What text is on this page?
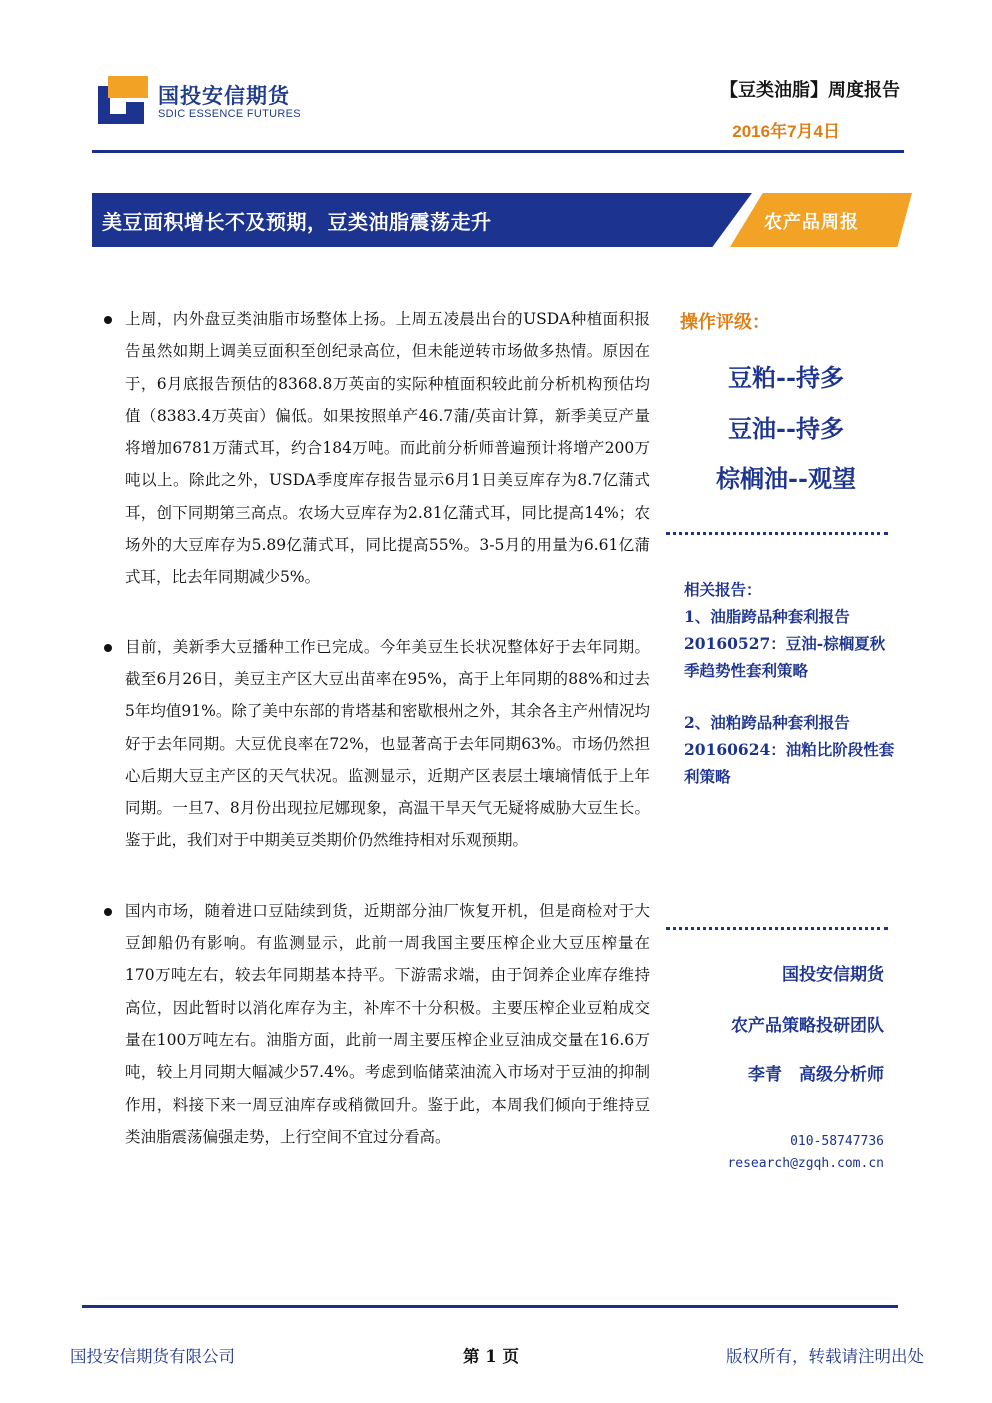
国投安信期货
SDIC ESSENCE FUTURES
【豆类油脂】周度报告
2016年7月4日
美豆面积增长不及预期，豆类油脂震荡走升	农产品周报
上周，内外盘豆类油脂市场整体上扬。上周五凌晨出台的USDA种植面积报告虽然如期上调美豆面积至创纪录高位，但未能逆转市场做多热情。原因在于，6月底报告预估的8368.8万英亩的实际种植面积较此前分析机构预估均值（8383.4万英亩）偏低。如果按照单产46.7蒲/英亩计算，新季美豆产量将增加6781万蒲式耳，约合184万吨。而此前分析师普遍预计将增产200万吨以上。除此之外，USDA季度库存报告显示6月1日美豆库存为8.7亿蒲式耳，创下同期第三高点。农场大豆库存为2.81亿蒲式耳，同比提高14%；农场外的大豆库存为5.89亿蒲式耳，同比提高55%。3-5月的用量为6.61亿蒲式耳，比去年同期减少5%。
目前，美新季大豆播种工作已完成。今年美豆生长状况整体好于去年同期。截至6月26日，美豆主产区大豆出苗率在95%，高于上年同期的88%和过去5年均值91%。除了美中东部的肯塔基和密歇根州之外，其余各主产州情况均好于去年同期。大豆优良率在72%，也显著高于去年同期63%。市场仍然担心后期大豆主产区的天气状况。监测显示，近期产区表层土壤墒情低于上年同期。一旦7、8月份出现拉尼娜现象，高温干旱天气无疑将威胁大豆生长。鉴于此，我们对于中期美豆类期价仍然维持相对乐观预期。
国内市场，随着进口豆陆续到货，近期部分油厂恢复开机，但是商检对于大豆卸船仍有影响。有监测显示，此前一周我国主要压榨企业大豆压榨量在170万吨左右，较去年同期基本持平。下游需求端，由于饲养企业库存维持高位，因此暂时以消化库存为主，补库不十分积极。主要压榨企业豆粕成交量在100万吨左右。油脂方面，此前一周主要压榨企业豆油成交量在16.6万吨，较上月同期大幅减少57.4%。考虑到临储菜油流入市场对于豆油的抑制作用，料接下来一周豆油库存或稍微回升。鉴于此，本周我们倾向于维持豆类油脂震荡偏强走势，上行空间不宜过分看高。
操作评级：
豆粕--持多
豆油--持多
棕榈油--观望
相关报告：
1、油脂跨品种套利报告20160527：豆油-棕榈夏秋季趋势性套利策略
2、油粕跨品种套利报告20160624：油粕比阶段性套利策略
国投安信期货
农产品策略投研团队
李青　高级分析师
010-58747736
research@zgqh.com.cn
国投安信期货有限公司	第 1 页	版权所有，转载请注明出处
